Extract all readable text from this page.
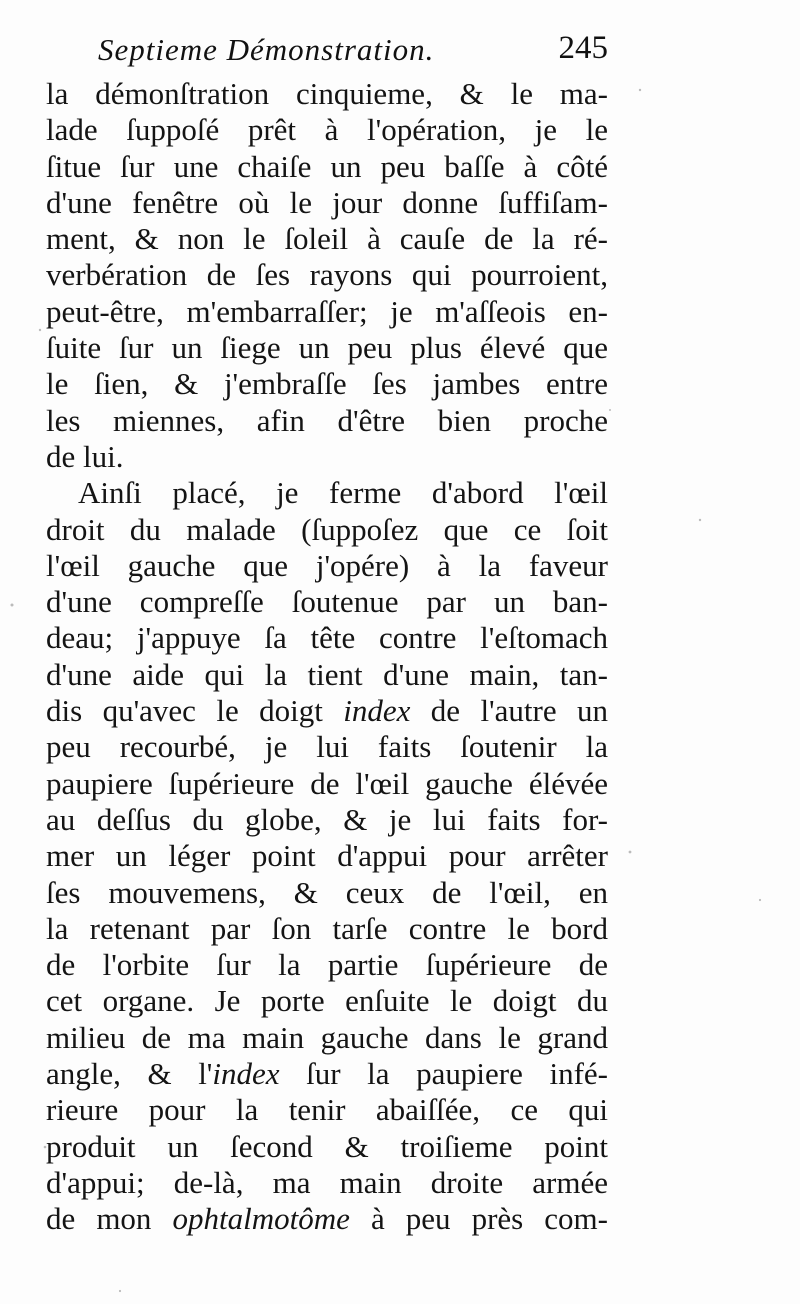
Septieme Démonstration.	245
la démonſtration cinquieme, & le ma-
lade ſuppoſé prêt à l'opération, je le
ſitue ſur une chaiſe un peu baſſe à côté
d'une fenêtre où le jour donne ſuffiſam-
ment, & non le ſoleil à cauſe de la ré-
verbération de ſes rayons qui pourroient,
peut-être, m'embarraſſer; je m'aſſeois en-
ſuite ſur un ſiege un peu plus élevé que
le ſien, & j'embraſſe ſes jambes entre
les miennes, afin d'être bien proche
de lui.
Ainſi placé, je ferme d'abord l'œil
droit du malade (ſuppoſez que ce ſoit
l'œil gauche que j'opére) à la faveur
d'une compreſſe ſoutenue par un ban-
deau; j'appuye ſa tête contre l'eſtomach
d'une aide qui la tient d'une main, tan-
dis qu'avec le doigt index de l'autre un
peu recourbé, je lui faits ſoutenir la
paupiere ſupérieure de l'œil gauche élévée
au deſſus du globe, & je lui faits for-
mer un léger point d'appui pour arrêter
ſes mouvemens, & ceux de l'œil, en
la retenant par ſon tarſe contre le bord
de l'orbite ſur la partie ſupérieure de
cet organe. Je porte enſuite le doigt du
milieu de ma main gauche dans le grand
angle, & l'index ſur la paupiere infé-
rieure pour la tenir abaiſſée, ce qui
produit un ſecond & troiſieme point
d'appui; de-là, ma main droite armée
de mon ophtalmotôme à peu près com-
